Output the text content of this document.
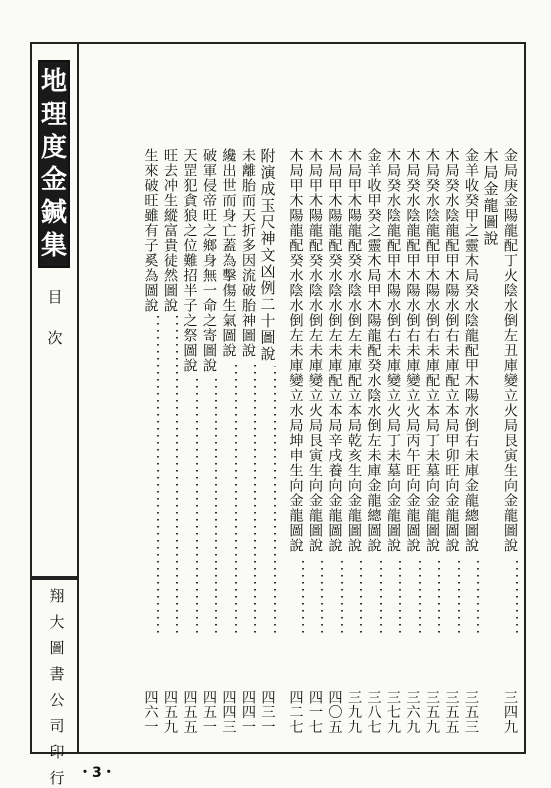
地
理
度
金
鍼
集
目
次
翔
大
圖
書
公
司
印
行 ・3・
金局庚金陽龍配丁火陰水倒左丑庫變立火局艮寅生向金龍圖說
三四九
木局金龍圖說
金羊收癸甲之靈木局癸水陰龍配甲木陽水倒右未庫金龍總圖說
三五三
木局癸水陰龍配甲木陽水倒右未庫配立本局甲卯旺向金龍圖說
三五五
木局癸水陰龍配甲木陽水倒右未庫配立本局丁未墓向金龍圖說
三五九
木局癸水陰龍配甲木陽水倒右未庫變立火局丙午旺向金龍圖說
三六九
木局癸水陰龍配甲木陽水倒右未庫變立火局丁未墓向金龍圖說
三七九
金羊收甲癸之靈木局甲木陽龍配癸水陰水倒左未庫金龍總圖說
三八七
木局甲木陽龍配癸水陰水倒左未庫配立本局乾亥生向金龍圖說
三九九
木局甲木陽龍配癸水陰水倒左未庫配立本局辛戌養向金龍圖說
四〇五
木局甲木陽龍配癸水陰水倒左未庫變立火局艮寅生向金龍圖說
四一七
木局甲木陽龍配癸水陰水倒左未庫變立水局坤申生向金龍圖說
四二七
附演成玉尺神文凶例二十圖說
四三一
未離胎而天折多因流破胎神圖說
四四一
纔出世而身亡蓋為擊傷生氣圖說
四四三
破軍侵帝旺之鄉身無一命之寄圖說
四五一
天罡犯貪狼之位難招半子之祭圖說
四五五
旺去冲生縱富貴徒然圖說
四五九
生來破旺雖有子奚為圖說
四六一
